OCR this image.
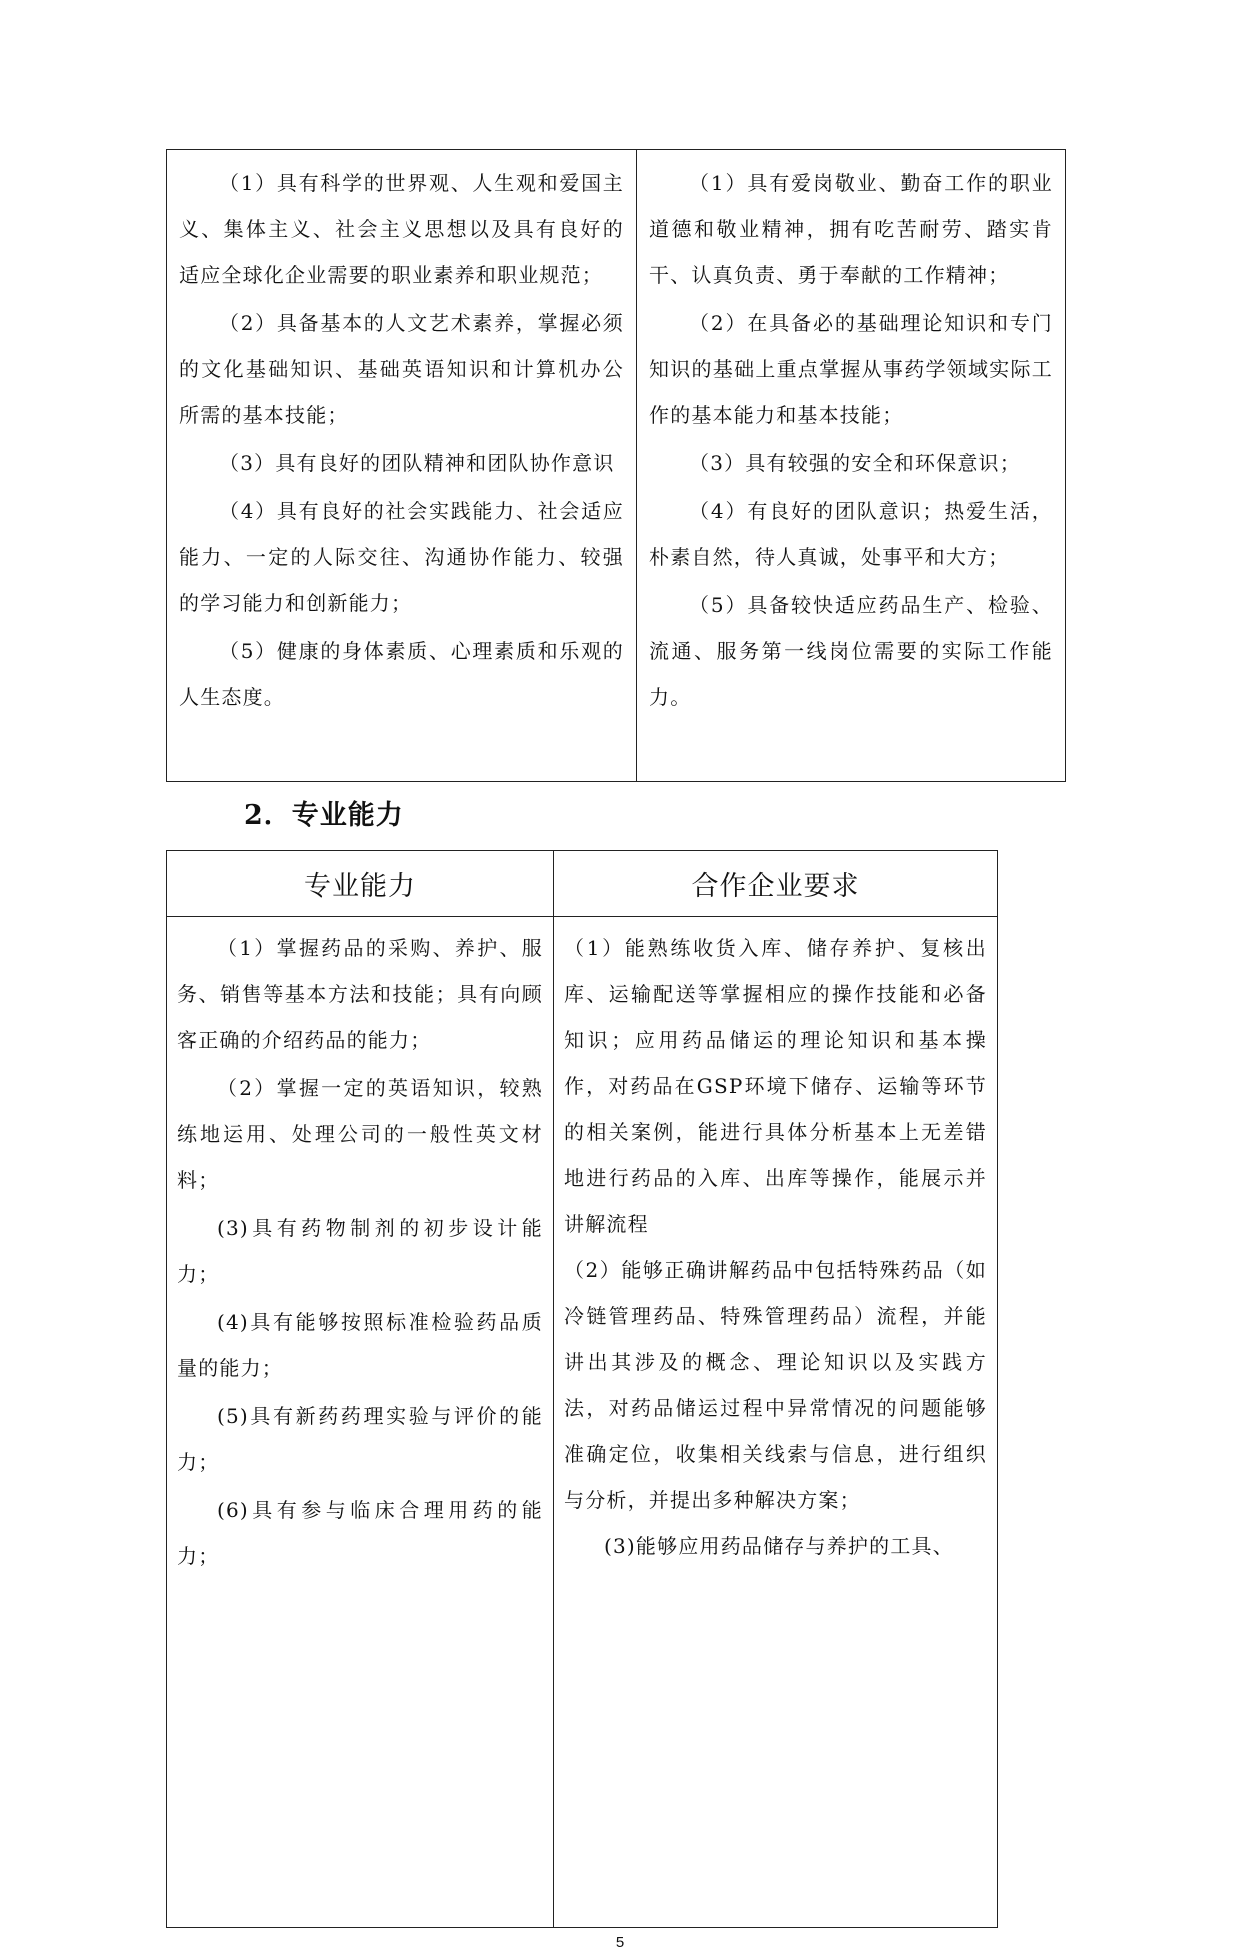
（1）具有科学的世界观、人生观和爱国主义、集体主义、社会主义思想以及具有良好的适应全球化企业需要的职业素养和职业规范；

（2）具备基本的人文艺术素养，掌握必须的文化基础知识、基础英语知识和计算机办公所需的基本技能；

（3）具有良好的团队精神和团队协作意识

（4）具有良好的社会实践能力、社会适应能力、一定的人际交往、沟通协作能力、较强的学习能力和创新能力；

（5）健康的身体素质、心理素质和乐观的人生态度。

（1）具有爱岗敬业、勤奋工作的职业道德和敬业精神，拥有吃苦耐劳、踏实肯干、认真负责、勇于奉献的工作精神；

（2）在具备必的基础理论知识和专门知识的基础上重点掌握从事药学领域实际工作的基本能力和基本技能；

（3）具有较强的安全和环保意识；

（4）有良好的团队意识；热爱生活，朴素自然，待人真诚，处事平和大方；

（5）具备较快适应药品生产、检验、流通、服务第一线岗位需要的实际工作能力。

2．专业能力
专业能力	合作企业要求

（1）掌握药品的采购、养护、服务、销售等基本方法和技能；具有向顾客正确的介绍药品的能力；

（2）掌握一定的英语知识，较熟练地运用、处理公司的一般性英文材料；

(3)具有药物制剂的初步设计能力；

(4)具有能够按照标准检验药品质量的能力；

(5)具有新药药理实验与评价的能力；

(6)具有参与临床合理用药的能力；

（1）能熟练收货入库、储存养护、复核出库、运输配送等掌握相应的操作技能和必备知识；应用药品储运的理论知识和基本操作，对药品在GSP环境下储存、运输等环节的相关案例，能进行具体分析基本上无差错地进行药品的入库、出库等操作，能展示并讲解流程

（2）能够正确讲解药品中包括特殊药品（如冷链管理药品、特殊管理药品）流程，并能讲出其涉及的概念、理论知识以及实践方法，对药品储运过程中异常情况的问题能够准确定位，收集相关线索与信息，进行组织与分析，并提出多种解决方案；

(3)能够应用药品储存与养护的工具、

5
